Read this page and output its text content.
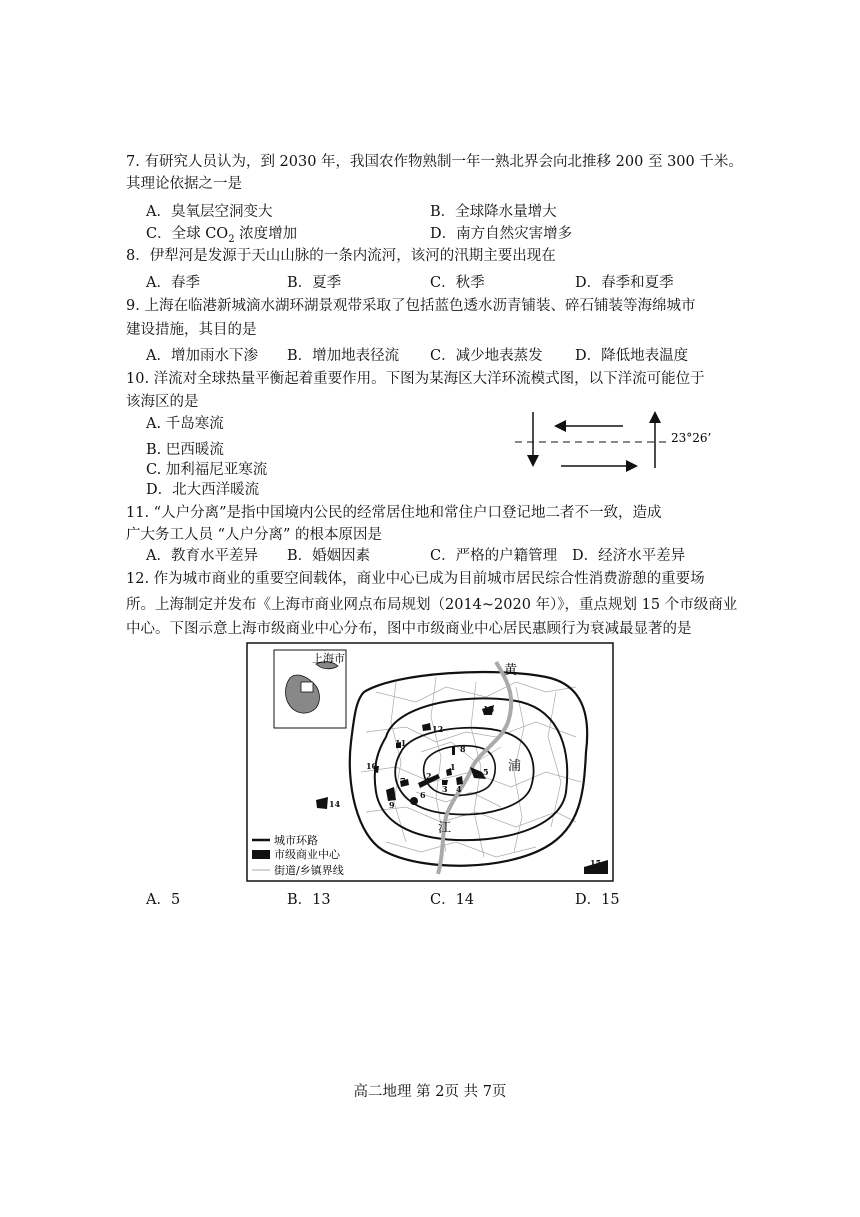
7. 有研究人员认为，到 2030 年，我国农作物熟制一年一熟北界会向北推移 200 至 300 千米。
其理论依据之一是
A．臭氧层空洞变大	B．全球降水量增大
C．全球 $CO_2$ 浓度增加	D．南方自然灾害增多
8．伊犁河是发源于天山山脉的一条内流河，该河的汛期主要出现在
A．春季	B．夏季	C．秋季	D．春季和夏季
9. 上海在临港新城滴水湖环湖景观带采取了包括蓝色透水沥青铺装、碎石铺装等海绵城市
建设措施，其目的是
A．增加雨水下渗 B．增加地表径流 C．减少地表蒸发 D．降低地表温度
10. 洋流对全球热量平衡起着重要作用。下图为某海区大洋环流模式图，以下洋流可能位于
该海区的是
A. 千岛寒流
B. 巴西暖流
C. 加利福尼亚寒流
D．北大西洋暖流
23°26’
11. “人户分离”是指中国境内公民的经常居住地和常住户口登记地二者不一致，造成
广大务工人员 “人户分离” 的根本原因是
A．教育水平差异 B．婚姻因素	C．严格的户籍管理 D．经济水平差异
12. 作为城市商业的重要空间载体，商业中心已成为目前城市居民综合性消费游憩的重要场
所。上海制定并发布《上海市商业网点布局规划（2014~2020 年）》，重点规划 15 个市级商业
中心。下图示意上海市级商业中心分布，图中市级商业中心居民惠顾行为衰减最显著的是
黄
浦
江
上海市
8
1
2
3 4
5
6
7
9
10
11
12
13
14
15
城市环路
市级商业中心
街道/乡镇界线
A．5	B．13	C．14	D．15
高二地理 第 2页 共 7页
